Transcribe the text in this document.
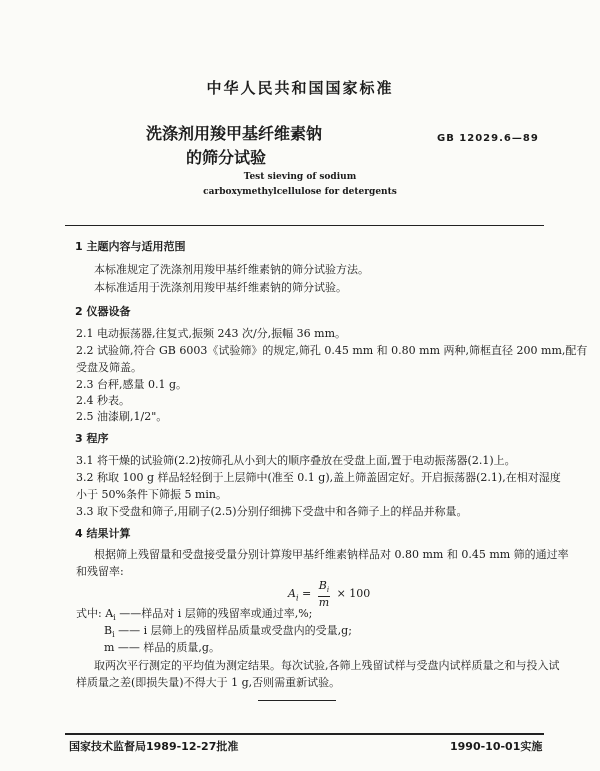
中华人民共和国国家标准
洗涤剂用羧甲基纤维素钠
的筛分试验
GB 12029.6—89
Test sieving of sodium
carboxymethylcellulose for detergents
1 主题内容与适用范围
本标准规定了洗涤剂用羧甲基纤维素钠的筛分试验方法。
本标准适用于洗涤剂用羧甲基纤维素钠的筛分试验。
2 仪器设备
2.1 电动振荡器,往复式,振频 243 次/分,振幅 36 mm。
2.2 试验筛,符合 GB 6003《试验筛》的规定,筛孔 0.45 mm 和 0.80 mm 两种,筛框直径 200 mm,配有
受盘及筛盖。
2.3 台秤,感量 0.1 g。
2.4 秒表。
2.5 油漆刷,1/2"。
3 程序
3.1 将干燥的试验筛(2.2)按筛孔从小到大的顺序叠放在受盘上面,置于电动振荡器(2.1)上。
3.2 称取 100 g 样品轻轻倒于上层筛中(准至 0.1 g),盖上筛盖固定好。开启振荡器(2.1),在相对湿度
小于 50%条件下筛振 5 min。
3.3 取下受盘和筛子,用刷子(2.5)分别仔细拂下受盘中和各筛子上的样品并称量。
4 结果计算
根据筛上残留量和受盘接受量分别计算羧甲基纤维素钠样品对 0.80 mm 和 0.45 mm 筛的通过率
和残留率:
$A_i = \frac{B_i}{m} \times 100$
式中: $A_i$ ——样品对 i 层筛的残留率或通过率,%;
$B_i$ —— i 层筛上的残留样品质量或受盘内的受量,g;
m —— 样品的质量,g。
取两次平行测定的平均值为测定结果。每次试验,各筛上残留试样与受盘内试样质量之和与投入试
样质量之差(即损失量)不得大于 1 g,否则需重新试验。
国家技术监督局1989-12-27批准	1990-10-01实施
